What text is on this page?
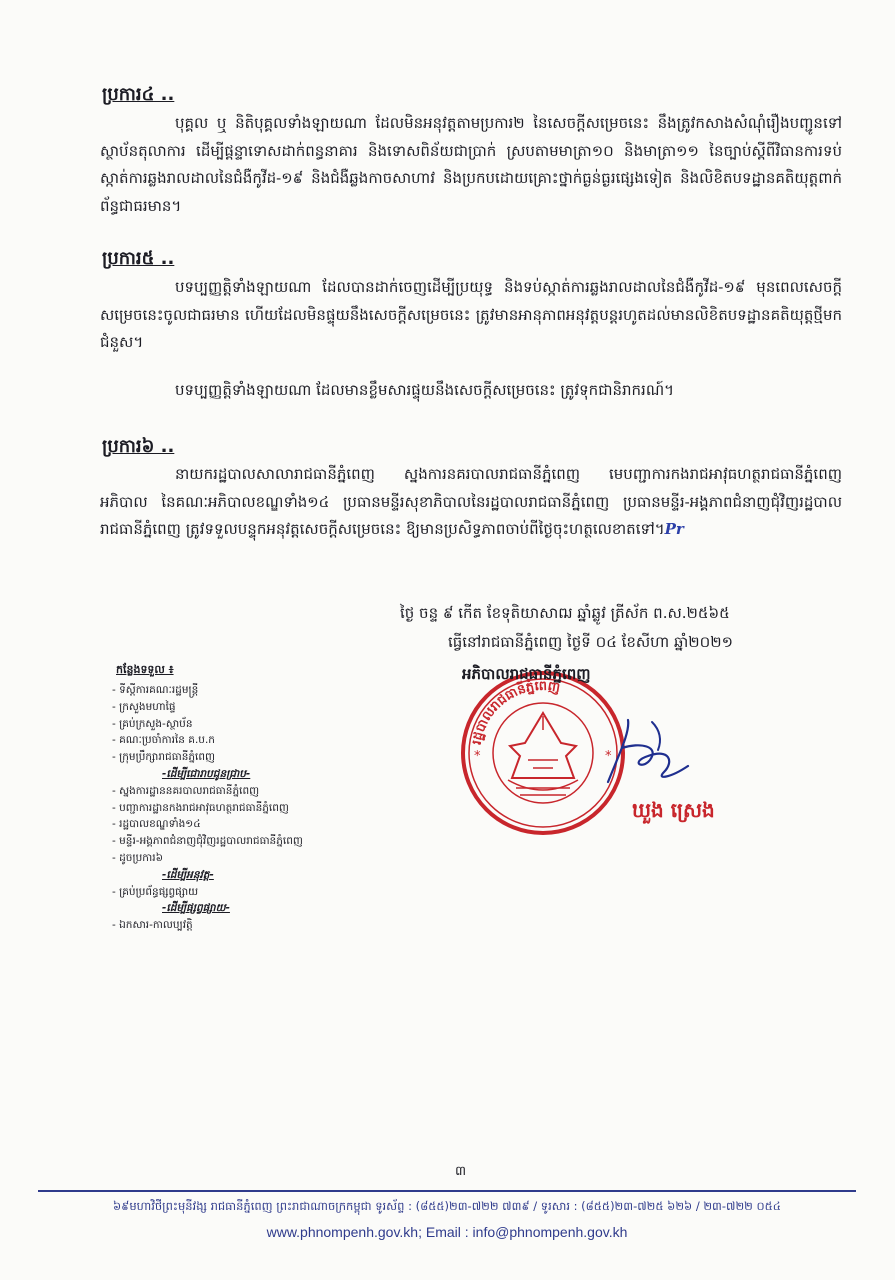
ប្រការ៤ ..

បុគ្គល ឬ និតិបុគ្គលទាំងឡាយណា ដែលមិនអនុវត្តតាមប្រការ២ នៃសេចក្តីសម្រេចនេះ នឹងត្រូវកសាងសំណុំរឿងបញ្ជូនទៅស្ថាប័នតុលាការ ដើម្បីផ្តន្ទាទោសដាក់ពន្ធនាគារ និងទោសពិន័យជាប្រាក់ ស្របតាមមាត្រា១០ និងមាត្រា១១ នៃច្បាប់ស្តីពីវិធានការទប់ស្កាត់ការឆ្លងរាលដាលនៃជំងឺកូវីដ-១៩ និងជំងឺឆ្លងកាចសាហាវ និងប្រកបដោយគ្រោះថ្នាក់ធ្ងន់ធ្ងរផ្សេងទៀត និងលិខិតបទដ្ឋានគតិយុត្តពាក់ព័ន្ធជាធរមាន។

ប្រការ៥ ..

បទប្បញ្ញត្តិទាំងឡាយណា ដែលបានដាក់ចេញដើម្បីប្រយុទ្ធ និងទប់ស្កាត់ការឆ្លងរាលដាលនៃជំងឺកូវីដ-១៩ មុនពេលសេចក្តីសម្រេចនេះចូលជាធរមាន ហើយដែលមិនផ្ទុយនឹងសេចក្តីសម្រេចនេះ ត្រូវមានអានុភាពអនុវត្តបន្តរហូតដល់មានលិខិតបទដ្ឋានគតិយុត្តថ្មីមកជំនួស។

បទប្បញ្ញត្តិទាំងឡាយណា ដែលមានខ្លឹមសារផ្ទុយនឹងសេចក្តីសម្រេចនេះ ត្រូវទុកជានិរាករណ៍។

ប្រការ៦ ..

នាយករដ្ឋបាលសាលារាជធានីភ្នំពេញ ស្នងការនគរបាលរាជធានីភ្នំពេញ មេបញ្ជាការកងរាជអាវុធហត្ថរាជធានីភ្នំពេញ អភិបាល នៃគណៈអភិបាលខណ្ឌទាំង១៤ ប្រធានមន្ទីរសុខាភិបាលនៃរដ្ឋបាលរាជធានីភ្នំពេញ ប្រធានមន្ទីរ-អង្គភាពជំនាញជុំវិញរដ្ឋបាលរាជធានីភ្នំពេញ ត្រូវទទួលបន្ទុកអនុវត្តសេចក្តីសម្រេចនេះ ឱ្យមានប្រសិទ្ធភាពចាប់ពីថ្ងៃចុះហត្ថលេខាតទៅ។Pr

ថ្ងៃ ចន្ទ ៩ កើត ខែទុតិយាសាឍ ឆ្នាំឆ្លូវ ត្រីស័ក ព.ស.២៥៦៥
ធ្វើនៅរាជធានីភ្នំពេញ ថ្ងៃទី ០៤ ខែសីហា ឆ្នាំ២០២១
រដ្ឋបាលរាជធានីភ្នំពេញ
*	*
អភិបាលរាជធានីភ្នំពេញ
ឃួង ស្រេង
កន្លែងទទួល ៖
- ទីស្តីការគណៈរដ្ឋមន្ត្រី
- ក្រសួងមហាផ្ទៃ
- គ្រប់ក្រសួង-ស្ថាប័ន
- គណៈប្រចាំការនៃ គ.ប.ក
- ក្រុមប្រឹក្សារាជធានីភ្នំពេញ
-ដើម្បីជោរាបជូនជ្រាប-
- ស្នងការដ្ឋាននគរបាលរាជធានីភ្នំពេញ
- បញ្ជាការដ្ឋានកងរាជអាវុធហត្ថរាជធានីភ្នំពេញ
- រដ្ឋបាលខណ្ឌទាំង១៤
- មន្ទីរ-អង្គភាពជំនាញជុំវិញរដ្ឋបាលរាជធានីភ្នំពេញ
- ដូចប្រការ៦
-ដើម្បីអនុវត្ត-
- គ្រប់ប្រព័ន្ធផ្សព្វផ្សាយ
-ដើម្បីផ្សព្វផ្សាយ-
- ឯកសារ-កាលប្បវត្តិ
៣
៦៩មហាវិថីព្រះមុនីវង្ស រាជធានីភ្នំពេញ ព្រះរាជាណាចក្រកម្ពុជា ទូរស័ព្ទ : (៨៥៥)២៣-៧២២ ៧៣៩ / ទូរសារ : (៨៥៥)២៣-៧២៥ ៦២៦ / ២៣-៧២២ ០៥៤
www.phnompenh.gov.kh; Email : info@phnompenh.gov.kh
